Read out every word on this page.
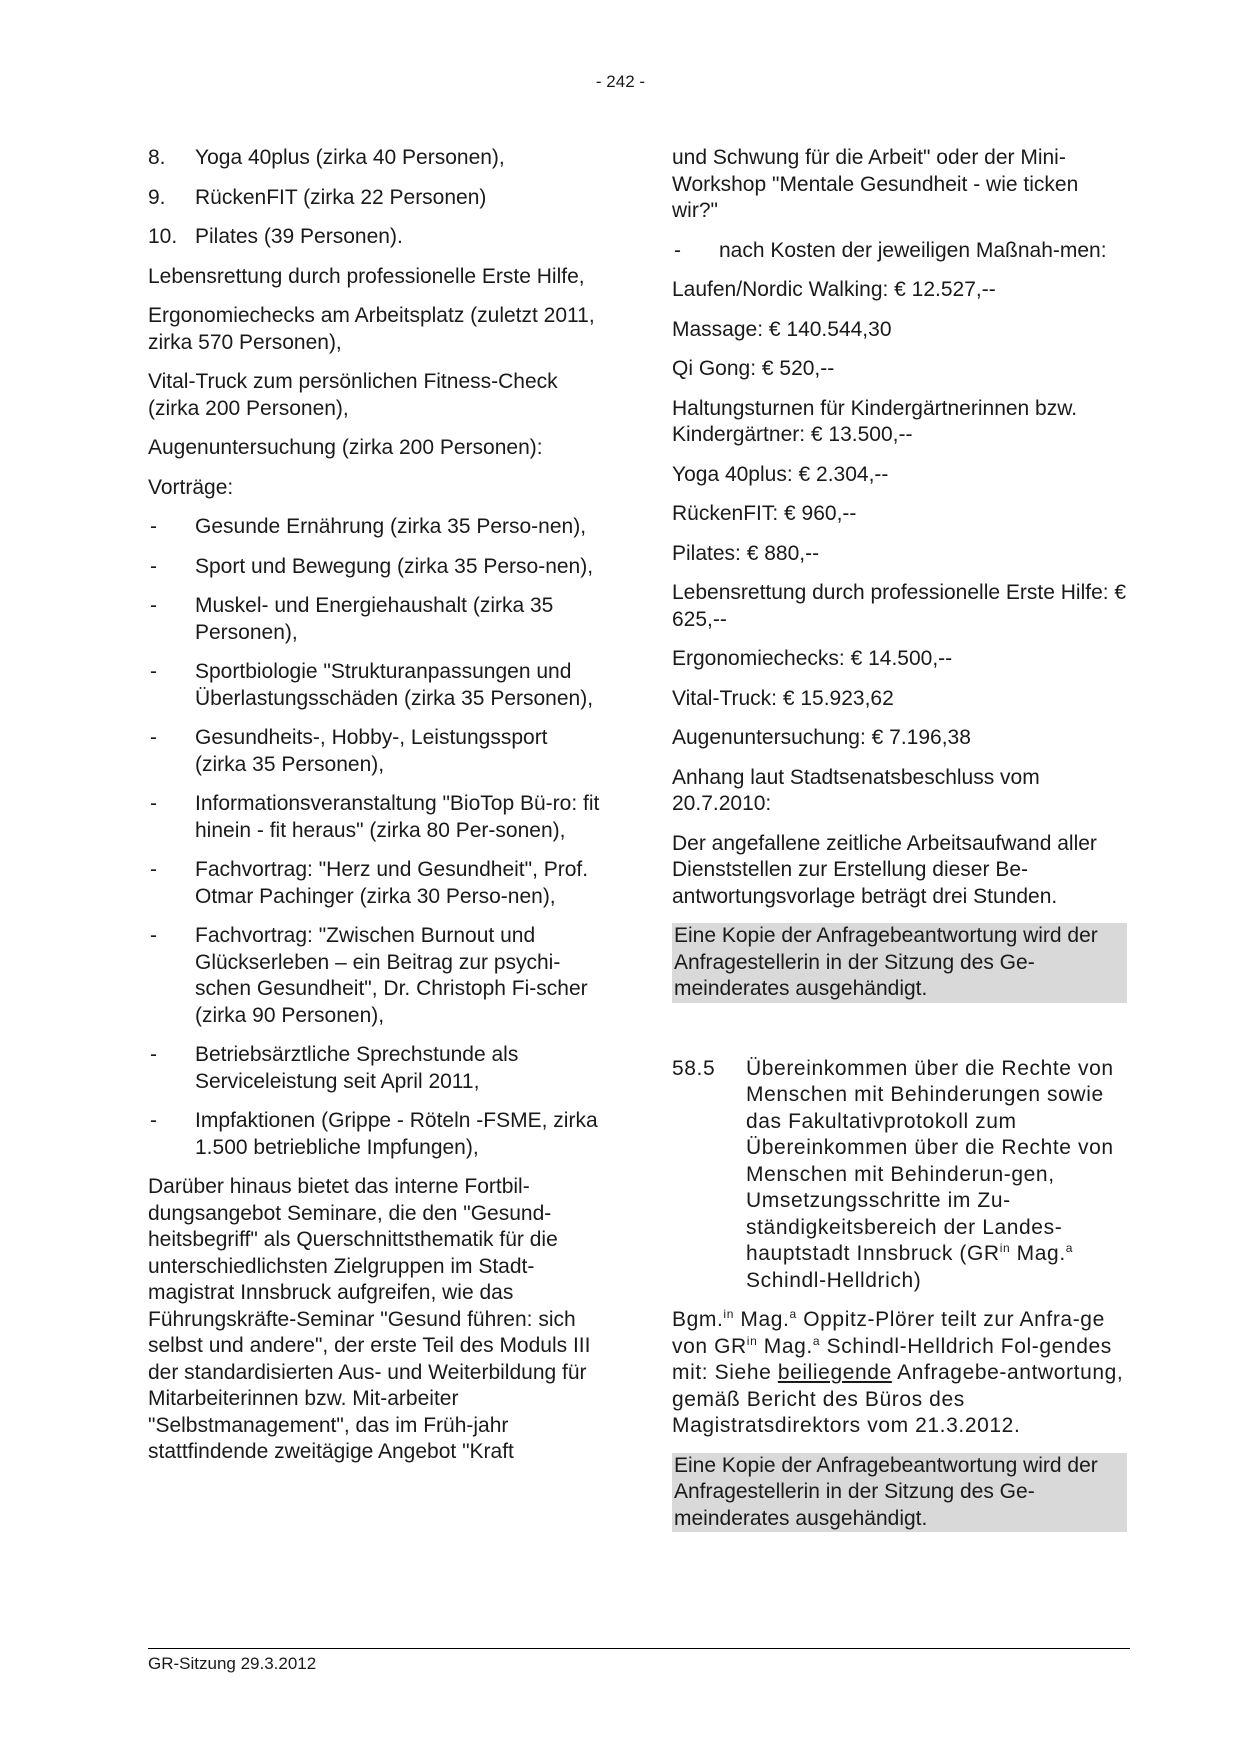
- 242 -
8.	Yoga 40plus (zirka 40 Personen),
9.	RückenFIT (zirka 22 Personen)
10. Pilates (39 Personen).

Lebensrettung durch professionelle Erste Hilfe,

Ergonomiechecks am Arbeitsplatz (zuletzt 2011, zirka 570 Personen),

Vital-Truck zum persönlichen Fitness-Check (zirka 200 Personen),

Augenuntersuchung (zirka 200 Personen):

Vorträge:

-	Gesunde Ernährung (zirka 35 Perso-nen),
-	Sport und Bewegung (zirka 35 Perso-nen),
-	Muskel- und Energiehaushalt (zirka 35 Personen),
-	Sportbiologie "Strukturanpassungen und Überlastungsschäden (zirka 35 Personen),
-	Gesundheits-, Hobby-, Leistungssport (zirka 35 Personen),
-	Informationsveranstaltung "BioTop Bü-ro: fit hinein - fit heraus" (zirka 80 Per-sonen),
-	Fachvortrag: "Herz und Gesundheit", Prof. Otmar Pachinger (zirka 30 Perso-nen),
-	Fachvortrag: "Zwischen Burnout und Glückserleben – ein Beitrag zur psychi-schen Gesundheit", Dr. Christoph Fi-scher (zirka 90 Personen),
-	Betriebsärztliche Sprechstunde als Serviceleistung seit April 2011,
-	Impfaktionen (Grippe - Röteln -FSME, zirka 1.500 betriebliche Impfungen),

Darüber hinaus bietet das interne Fortbil-dungsangebot Seminare, die den "Gesund-heitsbegriff" als Querschnittsthematik für die unterschiedlichsten Zielgruppen im Stadt-magistrat Innsbruck aufgreifen, wie das Führungskräfte-Seminar "Gesund führen: sich selbst und andere", der erste Teil des Moduls III der standardisierten Aus- und Weiterbildung für Mitarbeiterinnen bzw. Mit-arbeiter "Selbstmanagement", das im Früh-jahr stattfindende zweitägige Angebot "Kraft

und Schwung für die Arbeit" oder der Mini-Workshop "Mentale Gesundheit - wie ticken wir?"

-	nach Kosten der jeweiligen Maßnah-men:

Laufen/Nordic Walking: € 12.527,--

Massage: € 140.544,30

Qi Gong: € 520,--

Haltungsturnen für Kindergärtnerinnen bzw. Kindergärtner: € 13.500,--

Yoga 40plus: € 2.304,--

RückenFIT: € 960,--

Pilates: € 880,--

Lebensrettung durch professionelle Erste Hilfe: € 625,--

Ergonomiechecks: € 14.500,--

Vital-Truck: € 15.923,62

Augenuntersuchung: € 7.196,38

Anhang laut Stadtsenatsbeschluss vom 20.7.2010:

Der angefallene zeitliche Arbeitsaufwand aller Dienststellen zur Erstellung dieser Be-antwortungsvorlage beträgt drei Stunden.

Eine Kopie der Anfragebeantwortung wird der Anfragestellerin in der Sitzung des Ge-meinderates ausgehändigt.

58.5	Übereinkommen über die Rechte von Menschen mit Behinderungen sowie das Fakultativprotokoll zum Übereinkommen über die Rechte von Menschen mit Behinderun-gen, Umsetzungsschritte im Zu-ständigkeitsbereich der Landes-hauptstadt Innsbruck ($GR^{in}$ Mag.$^a$ Schindl-Helldrich)

Bgm.$^{in}$ Mag.$^a$ Oppitz-Plörer teilt zur Anfra-ge von $GR^{in}$ Mag.$^a$ Schindl-Helldrich Fol-gendes mit: Siehe beiliegende Anfragebe-antwortung, gemäß Bericht des Büros des Magistratsdirektors vom 21.3.2012.

Eine Kopie der Anfragebeantwortung wird der Anfragestellerin in der Sitzung des Ge-meinderates ausgehändigt.

GR-Sitzung 29.3.2012
